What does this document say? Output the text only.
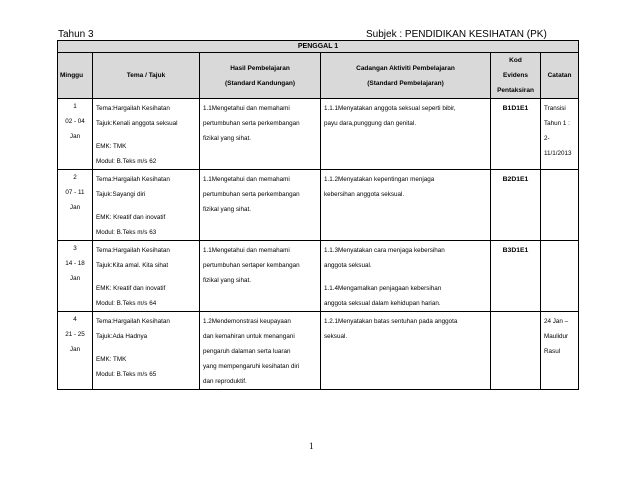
Tahun 3	Subjek : PENDIDIKAN KESIHATAN (PK)
PENGGAL 1					
Minggu	Tema / Tajuk	Hasil Pembelajaran
(Standard Kandungan)	Cadangan Aktiviti Pembelajaran
(Standard Pembelajaran)	Kod
Evidens
Pentaksiran	Catatan

1
02 - 04
Jan	Tema:Hargailah Kesihatan
Tajuk:Kenali anggota seksual
EMK: TMK
Modul: B.Teks m/s 62	1.1Mengetahui dan memahami
pertumbuhan serta perkembangan
fizikal yang sihat.	1.1.1Menyatakan anggota seksual seperti bibir,
payu dara,punggung dan genital.	B1D1E1	Transisi
Tahun 1 :
2-
11/1/2013

2
07 - 11
Jan	Tema:Hargailah Kesihatan
Tajuk:Sayangi diri
EMK: Kreatif dan inovatif
Modul: B.Teks m/s 63	1.1Mengetahui dan memahami
pertumbuhan serta perkembangan
fizikal yang sihat.	1.1.2Menyatakan kepentingan menjaga
kebersihan anggota seksual.	B2D1E1	

3
14 - 18
Jan	Tema:Hargailah Kesihatan
Tajuk:Kita amal. Kita sihat
EMK: Kreatif dan inovatif
Modul: B.Teks m/s 64	1.1Mengetahui dan memahami
pertumbuhan sertaper kembangan
fizikal yang sihat.	1.1.3Menyatakan cara menjaga kebersihan
anggota seksual.
1.1.4Mengamalkan penjagaan kebersihan
anggota seksual dalam kehidupan harian.	B3D1E1	

4
21 - 25
Jan	Tema:Hargailah Kesihatan
Tajuk:Ada Hadnya
EMK: TMK
Modul: B.Teks m/s 65	1.2Mendemonstrasi keupayaan
dan kemahiran untuk menangani
pengaruh dalaman serta luaran
yang mempengaruhi kesihatan diri
dan reproduktif.	1.2.1Menyatakan batas sentuhan pada anggota
seksual.		24 Jan –
Maulidur
Rasul
1
